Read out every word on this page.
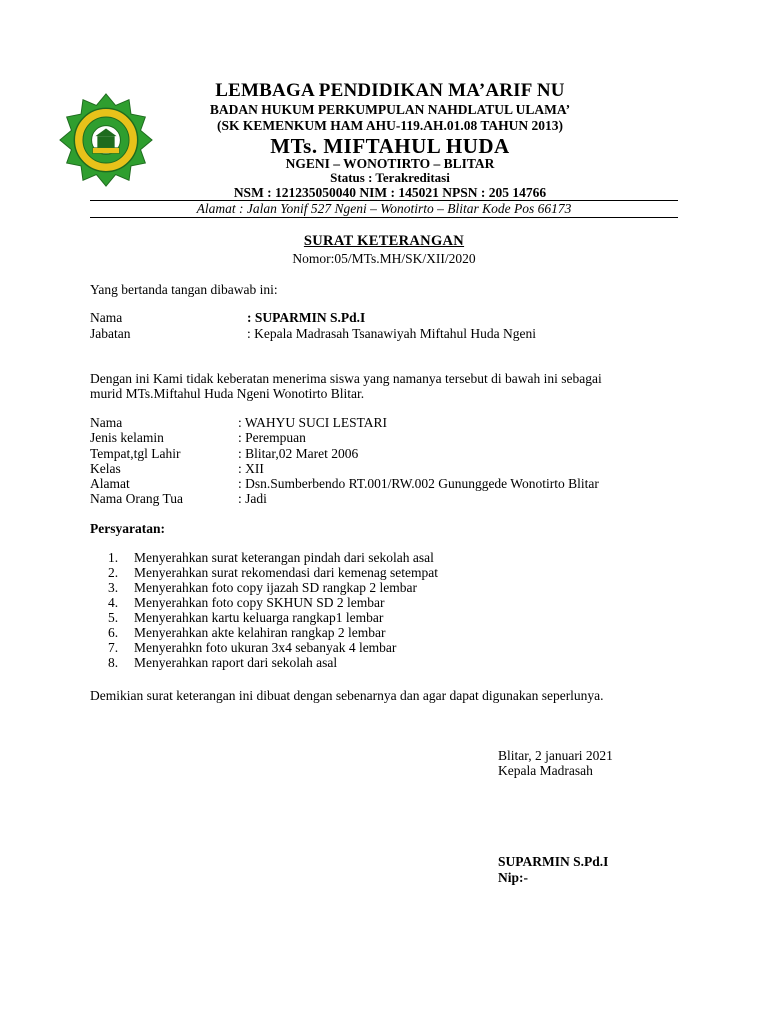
LEMBAGA PENDIDIKAN MA’ARIF NU
BADAN HUKUM PERKUMPULAN NAHDLATUL ULAMA’
(SK KEMENKUM HAM AHU-119.AH.01.08 TAHUN 2013)
MTs. MIFTAHUL HUDA
NGENI – WONOTIRTO – BLITAR
Status : Terakreditasi
NSM : 121235050040 NIM : 145021 NPSN : 205 14766
Alamat : Jalan Yonif 527 Ngeni – Wonotirto – Blitar Kode Pos 66173
SURAT KETERANGAN
Nomor:05/MTs.MH/SK/XII/2020
Yang bertanda tangan dibawab ini:
Nama	: SUPARMIN S.Pd.I
Jabatan	: Kepala Madrasah Tsanawiyah Miftahul Huda Ngeni
Dengan ini Kami tidak keberatan menerima siswa yang namanya tersebut di bawah ini sebagai
murid MTs.Miftahul Huda Ngeni Wonotirto Blitar.
Nama	: WAHYU SUCI LESTARI
Jenis kelamin	: Perempuan
Tempat,tgl Lahir	: Blitar,02 Maret 2006
Kelas	: XII
Alamat	: Dsn.Sumberbendo RT.001/RW.002 Gununggede Wonotirto Blitar
Nama Orang Tua	: Jadi
Persyaratan:
1. Menyerahkan surat keterangan pindah dari sekolah asal
2. Menyerahkan surat rekomendasi dari kemenag setempat
3. Menyerahkan foto copy ijazah SD rangkap 2 lembar
4. Menyerahkan foto copy SKHUN SD 2 lembar
5. Menyerahkan kartu keluarga rangkap1 lembar
6. Menyerahkan akte kelahiran rangkap 2 lembar
7. Menyerahkn foto ukuran 3x4 sebanyak 4 lembar
8. Menyerahkan raport dari sekolah asal
Demikian surat keterangan ini dibuat dengan sebenarnya dan agar dapat digunakan seperlunya.
Blitar, 2 januari 2021
Kepala Madrasah
SUPARMIN S.Pd.I
Nip:-
